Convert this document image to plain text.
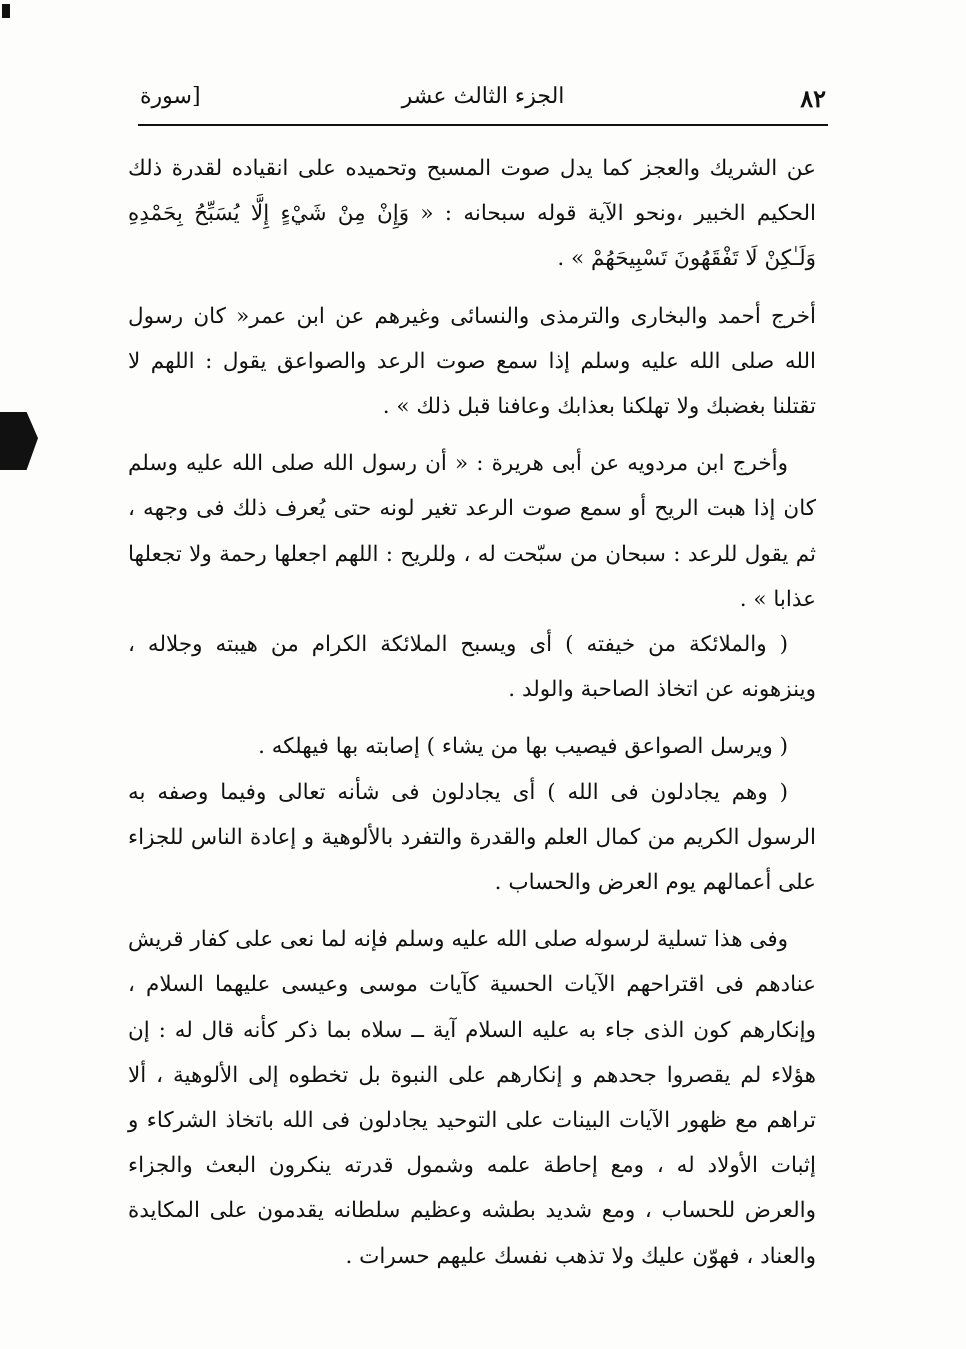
٨٢
الجزء الثالث عشر
[سورة

عن الشريك والعجز كما يدل صوت المسبح وتحميده على انقياده لقدرة ذلك الحكيم الخبير ،ونحو الآية قوله سبحانه : « وَإِنْ مِنْ شَيْءٍ إِلَّا يُسَبِّحُ بِحَمْدِهِ وَلَـٰكِنْ لَا تَفْقَهُونَ تَسْبِيحَهُمْ » .

أخرج أحمد والبخارى والترمذى والنسائى وغيرهم عن ابن عمر« كان رسول الله صلى الله عليه وسلم إذا سمع صوت الرعد والصواعق يقول : اللهم لا تقتلنا بغضبك ولا تهلكنا بعذابك وعافنا قبل ذلك » .

وأخرج ابن مردويه عن أبى هريرة : « أن رسول الله صلى الله عليه وسلم كان إذا هبت الريح أو سمع صوت الرعد تغير لونه حتى يُعرف ذلك فى وجهه ، ثم يقول للرعد : سبحان من سبّحت له ، وللريح : اللهم اجعلها رحمة ولا تجعلها عذابا » .

( والملائكة من خيفته ) أى ويسبح الملائكة الكرام من هيبته وجلاله ، وينزهونه عن اتخاذ الصاحبة والولد .

( ويرسل الصواعق فيصيب بها من يشاء ) إصابته بها فيهلكه .

( وهم يجادلون فى الله ) أى يجادلون فى شأنه تعالى وفيما وصفه به الرسول الكريم من كمال العلم والقدرة والتفرد بالألوهية و إعادة الناس للجزاء على أعمالهم يوم العرض والحساب .

وفى هذا تسلية لرسوله صلى الله عليه وسلم فإنه لما نعى على كفار قريش عنادهم فى اقتراحهم الآيات الحسية كآيات موسى وعيسى عليهما السلام ، وإنكارهم كون الذى جاء به عليه السلام آية ــ سلاه بما ذكر كأنه قال له : إن هؤلاء لم يقصروا جحدهم و إنكارهم على النبوة بل تخطوه إلى الألوهية ، ألا تراهم مع ظهور الآيات البينات على التوحيد يجادلون فى الله باتخاذ الشركاء و إثبات الأولاد له ، ومع إحاطة علمه وشمول قدرته ينكرون البعث والجزاء والعرض للحساب ، ومع شديد بطشه وعظيم سلطانه يقدمون على المكايدة والعناد ، فهوّن عليك ولا تذهب نفسك عليهم حسرات .
